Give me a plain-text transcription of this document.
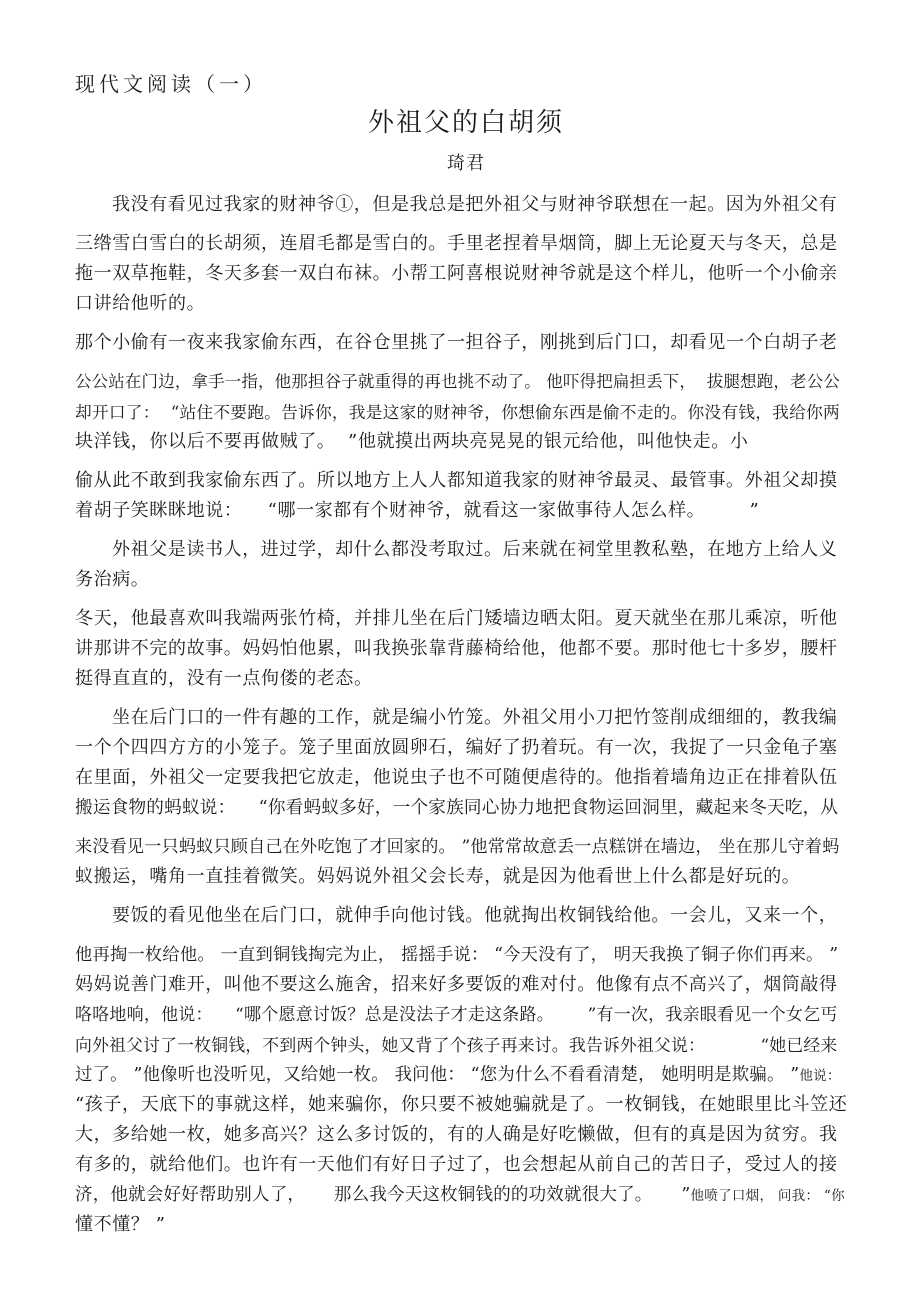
现代文阅读（一）
外祖父的白胡须
琦君
我没有看见过我家的财神爷①，但是我总是把外祖父与财神爷联想在一起。因为外祖父有
三绺雪白雪白的长胡须，连眉毛都是雪白的。手里老捏着旱烟筒，脚上无论夏天与冬天，总是
拖一双草拖鞋，冬天多套一双白布袜。小帮工阿喜根说财神爷就是这个样儿，他听一个小偷亲
口讲给他听的。
那个小偷有一夜来我家偷东西，在谷仓里挑了一担谷子，刚挑到后门口，却看见一个白胡子老
公公站在门边，拿手一指，他那担谷子就重得的再也挑不动了。 他吓得把扁担丢下，  拔腿想跑，老公公
却开口了：  “站住不要跑。告诉你，我是这家的财神爷，你想偷东西是偷不走的。你没有钱，我给你两
块洋钱，你以后不要再做贼了。  ”他就摸出两块亮晃晃的银元给他，叫他快走。小
偷从此不敢到我家偷东西了。所以地方上人人都知道我家的财神爷最灵、最管事。外祖父却摸
着胡子笑眯眯地说：    “哪一家都有个财神爷，就看这一家做事待人怎么样。       ”
外祖父是读书人，进过学，却什么都没考取过。后来就在祠堂里教私塾，在地方上给人义
务治病。
冬天，他最喜欢叫我端两张竹椅，并排儿坐在后门矮墙边晒太阳。夏天就坐在那儿乘凉，听他
讲那讲不完的故事。妈妈怕他累，叫我换张靠背藤椅给他，他都不要。那时他七十多岁，腰杆
挺得直直的，没有一点佝偻的老态。
坐在后门口的一件有趣的工作，就是编小竹笼。外祖父用小刀把竹签削成细细的，教我编
一个个四四方方的小笼子。笼子里面放圆卵石，编好了扔着玩。有一次，我捉了一只金龟子塞
在里面，外祖父一定要我把它放走，他说虫子也不可随便虐待的。他指着墙角边正在排着队伍
搬运食物的蚂蚁说：    “你看蚂蚁多好，一个家族同心协力地把食物运回洞里，藏起来冬天吃，从
来没看见一只蚂蚁只顾自己在外吃饱了才回家的。 ”他常常故意丢一点糕饼在墙边， 坐在那儿守着蚂
蚁搬运，嘴角一直挂着微笑。妈妈说外祖父会长寿，就是因为他看世上什么都是好玩的。
要饭的看见他坐在后门口，就伸手向他讨钱。他就掏出枚铜钱给他。一会儿，又来一个，
他再掏一枚给他。 一直到铜钱掏完为止， 摇摇手说： “今天没有了， 明天我换了铜子你们再来。 ”
妈妈说善门难开，叫他不要这么施舍，招来好多要饭的难对付。他像有点不高兴了，烟筒敲得
咯咯地响，他说：    “哪个愿意讨饭？总是没法子才走这条路。      ”有一次，我亲眼看见一个女乞丐
向外祖父讨了一枚铜钱，不到两个钟头，她又背了个孩子再来讨。我告诉外祖父说：          “她已经来
过了。 ”他像听也没听见，又给她一枚。 我问他： “您为什么不看看清楚， 她明明是欺骗。 ”他说：
“孩子，天底下的事就这样，她来骗你，你只要不被她骗就是了。一枚铜钱，在她眼里比斗笠还
大，多给她一枚，她多高兴？这么多讨饭的，有的人确是好吃懒做，但有的真是因为贫穷。我
有多的，就给他们。也许有一天他们有好日子过了，也会想起从前自己的苦日子，受过人的接
济，他就会好好帮助别人了，     那么我今天这枚铜钱的的功效就很大了。     ”他喷了口烟， 问我： “你
懂不懂？ ”
